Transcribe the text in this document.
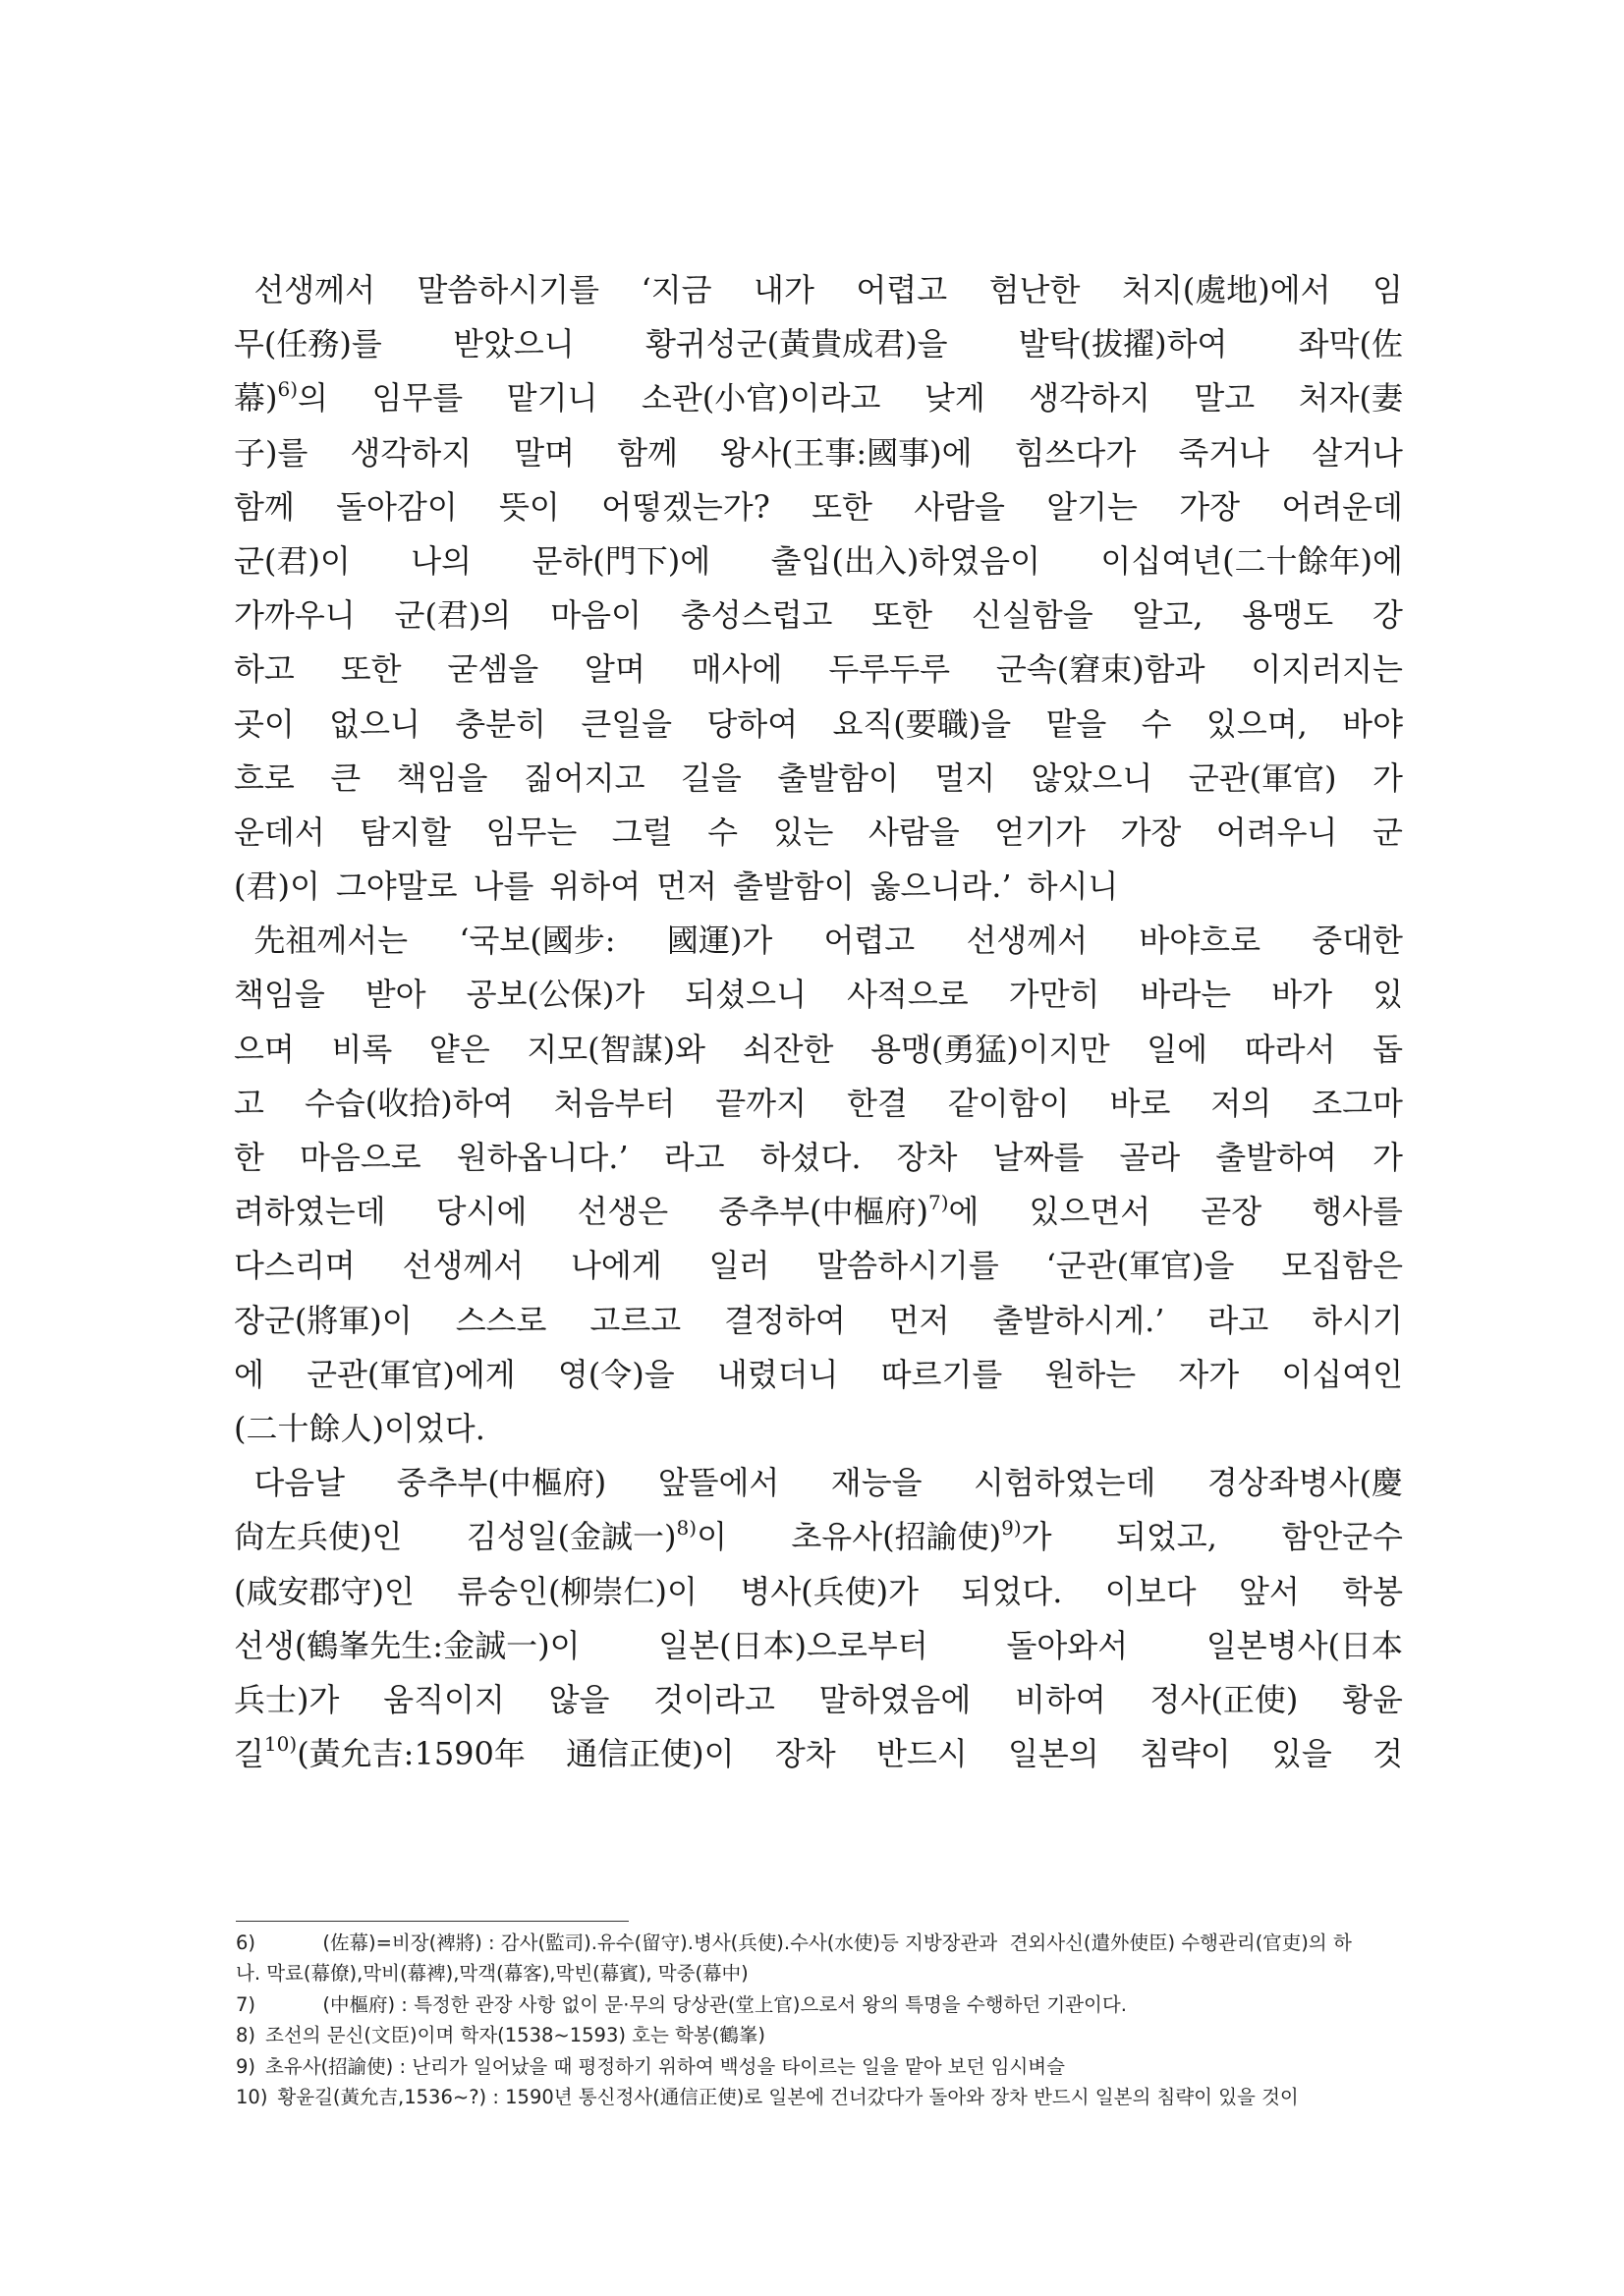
선생께서 말씀하시기를 ‘지금 내가 어렵고 험난한 처지(處地)에서 임
무(任務)를 받았으니 황귀성군(黃貴成君)을 발탁(拔擢)하여 좌막(佐
幕)$^{6)}$의 임무를 맡기니 소관(小官)이라고 낮게 생각하지 말고 처자(妻
子)를 생각하지 말며 함께 왕사(王事:國事)에 힘쓰다가 죽거나 살거나
함께 돌아감이 뜻이 어떻겠는가? 또한 사람을 알기는 가장 어려운데
군(君)이 나의 문하(門下)에 출입(出入)하였음이 이십여년(二十餘年)에
가까우니 군(君)의 마음이 충성스럽고 또한 신실함을 알고, 용맹도 강
하고 또한 굳셈을 알며 매사에 두루두루 군속(窘束)함과 이지러지는
곳이 없으니 충분히 큰일을 당하여 요직(要職)을 맡을 수 있으며, 바야
흐로 큰 책임을 짊어지고 길을 출발함이 멀지 않았으니 군관(軍官) 가
운데서 탐지할 임무는 그럴 수 있는 사람을 얻기가 가장 어려우니 군
(君)이 그야말로 나를 위하여 먼저 출발함이 옳으니라.’ 하시니
先祖께서는 ‘국보(國步: 國運)가 어렵고 선생께서 바야흐로 중대한
책임을 받아 공보(公保)가 되셨으니 사적으로 가만히 바라는 바가 있
으며 비록 얕은 지모(智謀)와 쇠잔한 용맹(勇猛)이지만 일에 따라서 돕
고 수습(收拾)하여 처음부터 끝까지 한결 같이함이 바로 저의 조그마
한 마음으로 원하옵니다.’ 라고 하셨다. 장차 날짜를 골라 출발하여 가
려하였는데 당시에 선생은 중추부(中樞府)$^{7)}$에 있으면서 곧장 행사를
다스리며 선생께서 나에게 일러 말씀하시기를 ‘군관(軍官)을 모집함은
장군(將軍)이 스스로 고르고 결정하여 먼저 출발하시게.’ 라고 하시기
에 군관(軍官)에게 영(令)을 내렸더니 따르기를 원하는 자가 이십여인
(二十餘人)이었다.
다음날 중추부(中樞府) 앞뜰에서 재능을 시험하였는데 경상좌병사(慶
尙左兵使)인 김성일(金誠一)$^{8)}$이 초유사(招諭使)$^{9)}$가 되었고, 함안군수
(咸安郡守)인 류숭인(柳崇仁)이 병사(兵使)가 되었다. 이보다 앞서 학봉
선생(鶴峯先生:金誠一)이 일본(日本)으로부터 돌아와서 일본병사(日本
兵士)가 움직이지 않을 것이라고 말하였음에 비하여 정사(正使) 황윤
길$^{10)}$(黃允吉:1590年 通信正使)이 장차 반드시 일본의 침략이 있을 것
6)	(佐幕)=비장(裨將) : 감사(監司).유수(留守).병사(兵使).수사(水使)등 지방장관과  견외사신(遣外使臣) 수행관리(官吏)의 하
나. 막료(幕僚),막비(幕裨),막객(幕客),막빈(幕賓), 막중(幕中)
7)	(中樞府) : 특정한 관장 사항 없이 문·무의 당상관(堂上官)으로서 왕의 특명을 수행하던 기관이다.
8) 조선의 문신(文臣)이며 학자(1538~1593) 호는 학봉(鶴峯)
9) 초유사(招諭使) : 난리가 일어났을 때 평정하기 위하여 백성을 타이르는 일을 맡아 보던 임시벼슬
10) 황윤길(黃允吉,1536~?) : 1590년 통신정사(通信正使)로 일본에 건너갔다가 돌아와 장차 반드시 일본의 침략이 있을 것이
